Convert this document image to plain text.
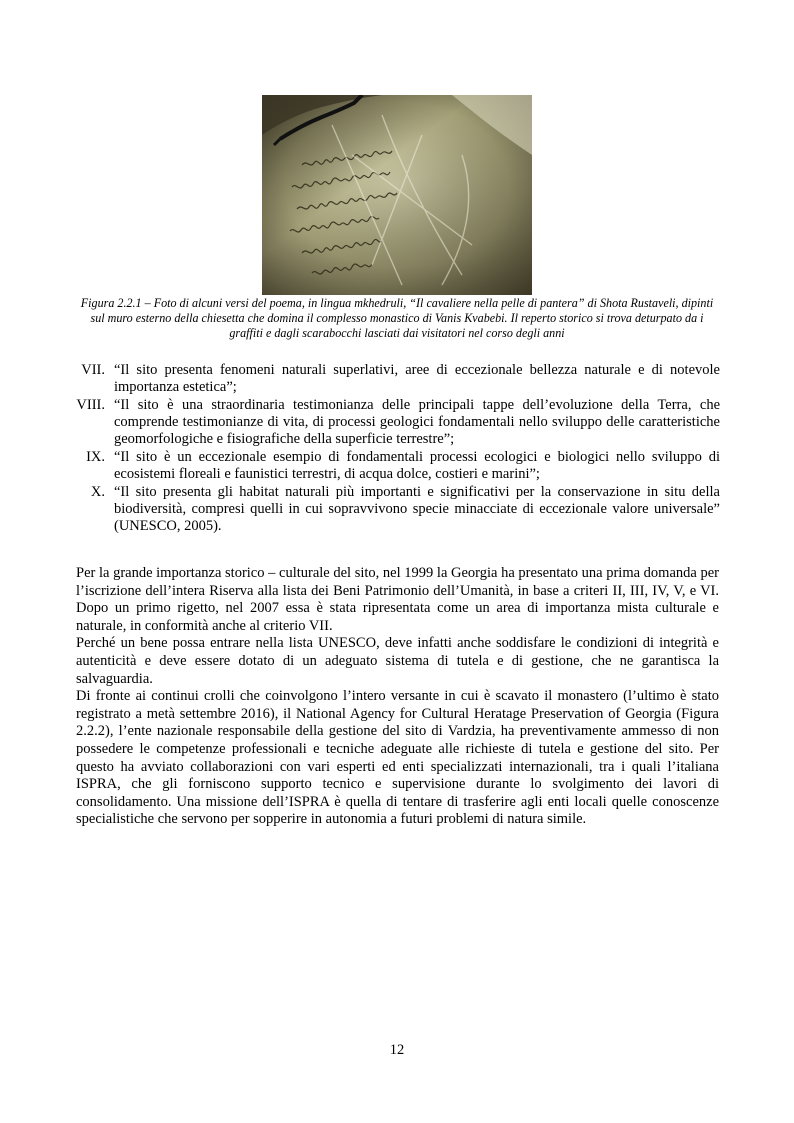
Figura 2.2.1 – Foto di alcuni versi del poema, in lingua mkhedruli, “Il cavaliere nella pelle di pantera” di Shota Rustaveli, dipinti sul muro esterno della chiesetta che domina il complesso monastico di Vanis Kvabebi. Il reperto storico si trova deturpato da i graffiti e dagli scarabocchi lasciati dai visitatori nel corso degli anni
VII. “Il sito presenta fenomeni naturali superlativi, aree di eccezionale bellezza naturale e di notevole importanza estetica”;
VIII. “Il sito è una straordinaria testimonianza delle principali tappe dell’evoluzione della Terra, che comprende testimonianze di vita, di processi geologici fondamentali nello sviluppo delle caratteristiche geomorfologiche e fisiografiche della superficie terrestre”;
IX. “Il sito è un eccezionale esempio di fondamentali processi ecologici e biologici nello sviluppo di ecosistemi floreali e faunistici terrestri, di acqua dolce, costieri e marini”;
X. “Il sito presenta gli habitat naturali più importanti e significativi per la conservazione in situ della biodiversità, compresi quelli in cui sopravvivono specie minacciate di eccezionale valore universale” (UNESCO, 2005).

Per la grande importanza storico – culturale del sito, nel 1999 la Georgia ha presentato una prima domanda per l’iscrizione dell’intera Riserva alla lista dei Beni Patrimonio dell’Umanità, in base a criteri II, III, IV, V, e VI. Dopo un primo rigetto, nel 2007 essa è stata ripresentata come un area di importanza mista culturale e naturale, in conformità anche al criterio VII.

Perché un bene possa entrare nella lista UNESCO, deve infatti anche soddisfare le condizioni di integrità e autenticità e deve essere dotato di un adeguato sistema di tutela e di gestione, che ne garantisca la salvaguardia.

Di fronte ai continui crolli che coinvolgono l’intero versante in cui è scavato il monastero (l’ultimo è stato registrato a metà settembre 2016), il National Agency for Cultural Heratage Preservation of Georgia (Figura 2.2.2), l’ente nazionale responsabile della gestione del sito di Vardzia, ha preventivamente ammesso di non possedere le competenze professionali e tecniche adeguate alle richieste di tutela e gestione del sito. Per questo ha avviato collaborazioni con vari esperti ed enti specializzati internazionali, tra i quali l’italiana ISPRA, che gli forniscono supporto tecnico e supervisione durante lo svolgimento dei lavori di consolidamento. Una missione dell’ISPRA è quella di tentare di trasferire agli enti locali quelle conoscenze specialistiche che servono per sopperire in autonomia a futuri problemi di natura simile.

12
